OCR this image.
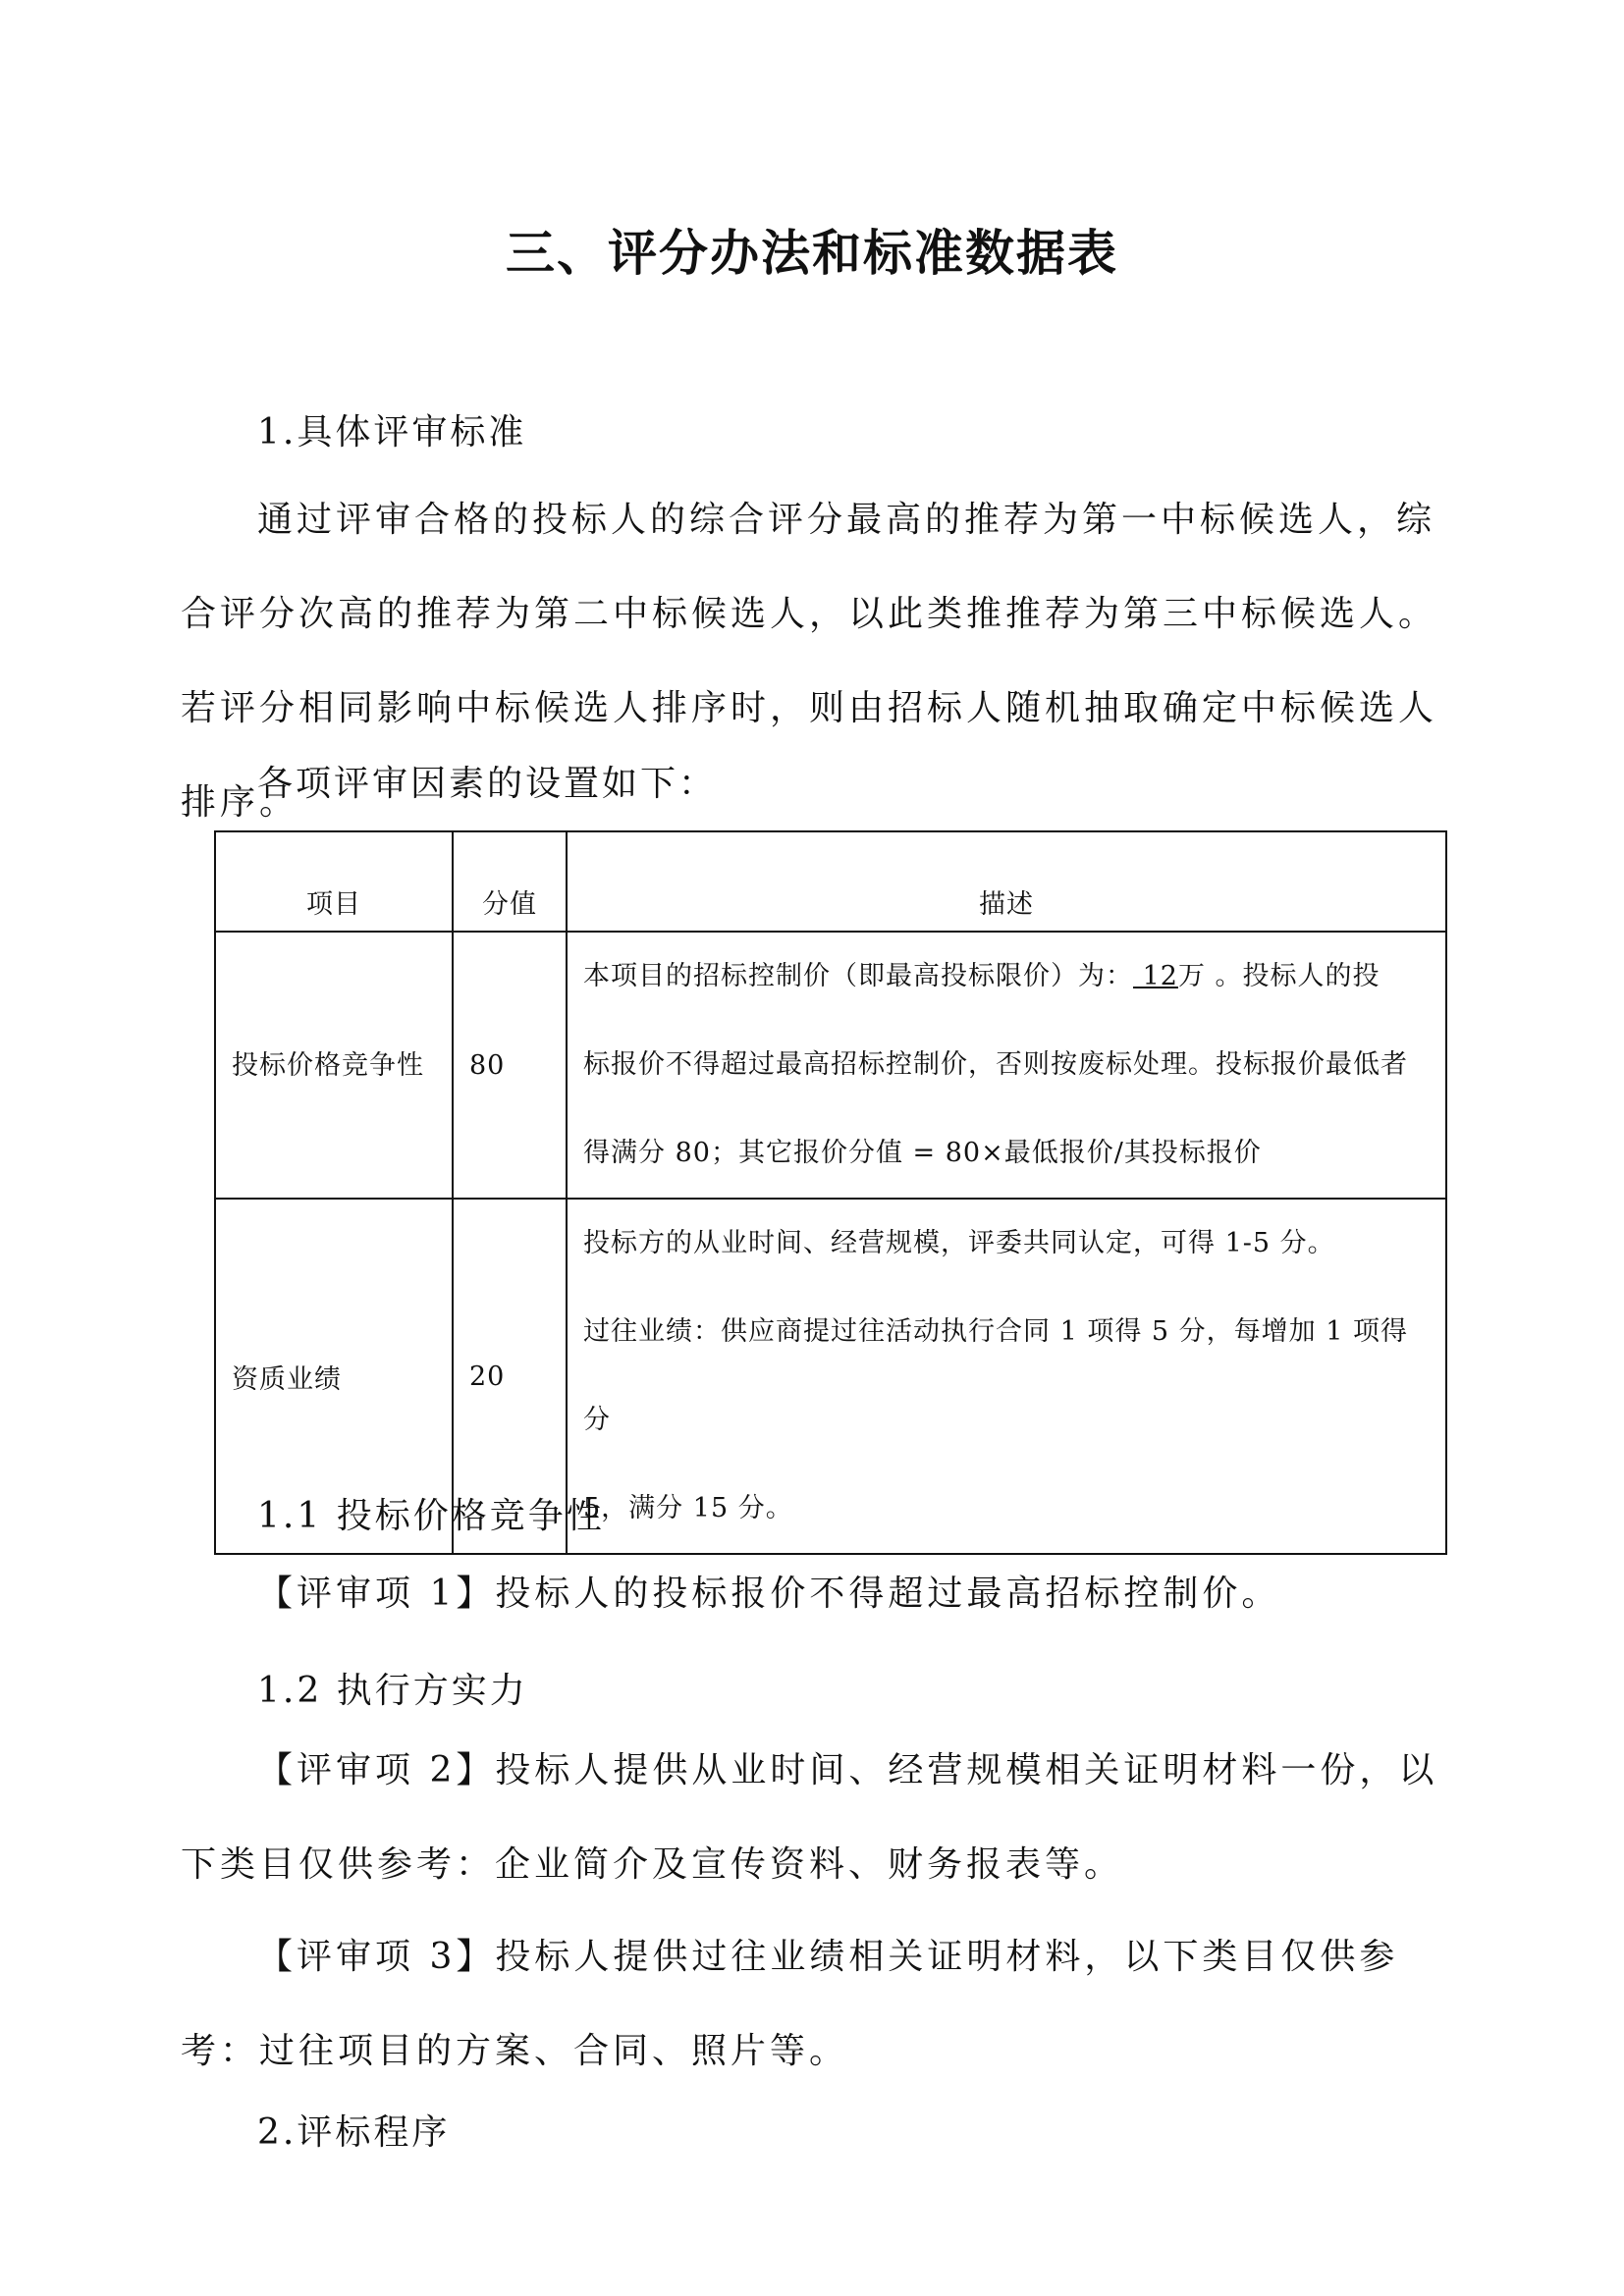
三、评分办法和标准数据表
1.具体评审标准
通过评审合格的投标人的综合评分最高的推荐为第一中标候选人，综合评分次高的推荐为第二中标候选人，以此类推推荐为第三中标候选人。若评分相同影响中标候选人排序时，则由招标人随机抽取确定中标候选人排序。
各项评审因素的设置如下：
项目	分值	描述
投标价格竞争性	80	本项目的招标控制价（即最高投标限价）为： 12万 。投标人的投
标报价不得超过最高招标控制价，否则按废标处理。投标报价最低者
得满分 80；其它报价分值 = 80×最低报价/其投标报价

资质业绩	20	投标方的从业时间、经营规模，评委共同认定，可得 1-5 分。
过往业绩：供应商提过往活动执行合同 1 项得 5 分，每增加 1 项得分
5，满分 15 分。
1.1 投标价格竞争性
【评审项 1】投标人的投标报价不得超过最高招标控制价。
1.2 执行方实力
【评审项 2】投标人提供从业时间、经营规模相关证明材料一份，以下类目仅供参考：企业简介及宣传资料、财务报表等。
【评审项 3】投标人提供过往业绩相关证明材料，以下类目仅供参考：过往项目的方案、合同、照片等。
2.评标程序
